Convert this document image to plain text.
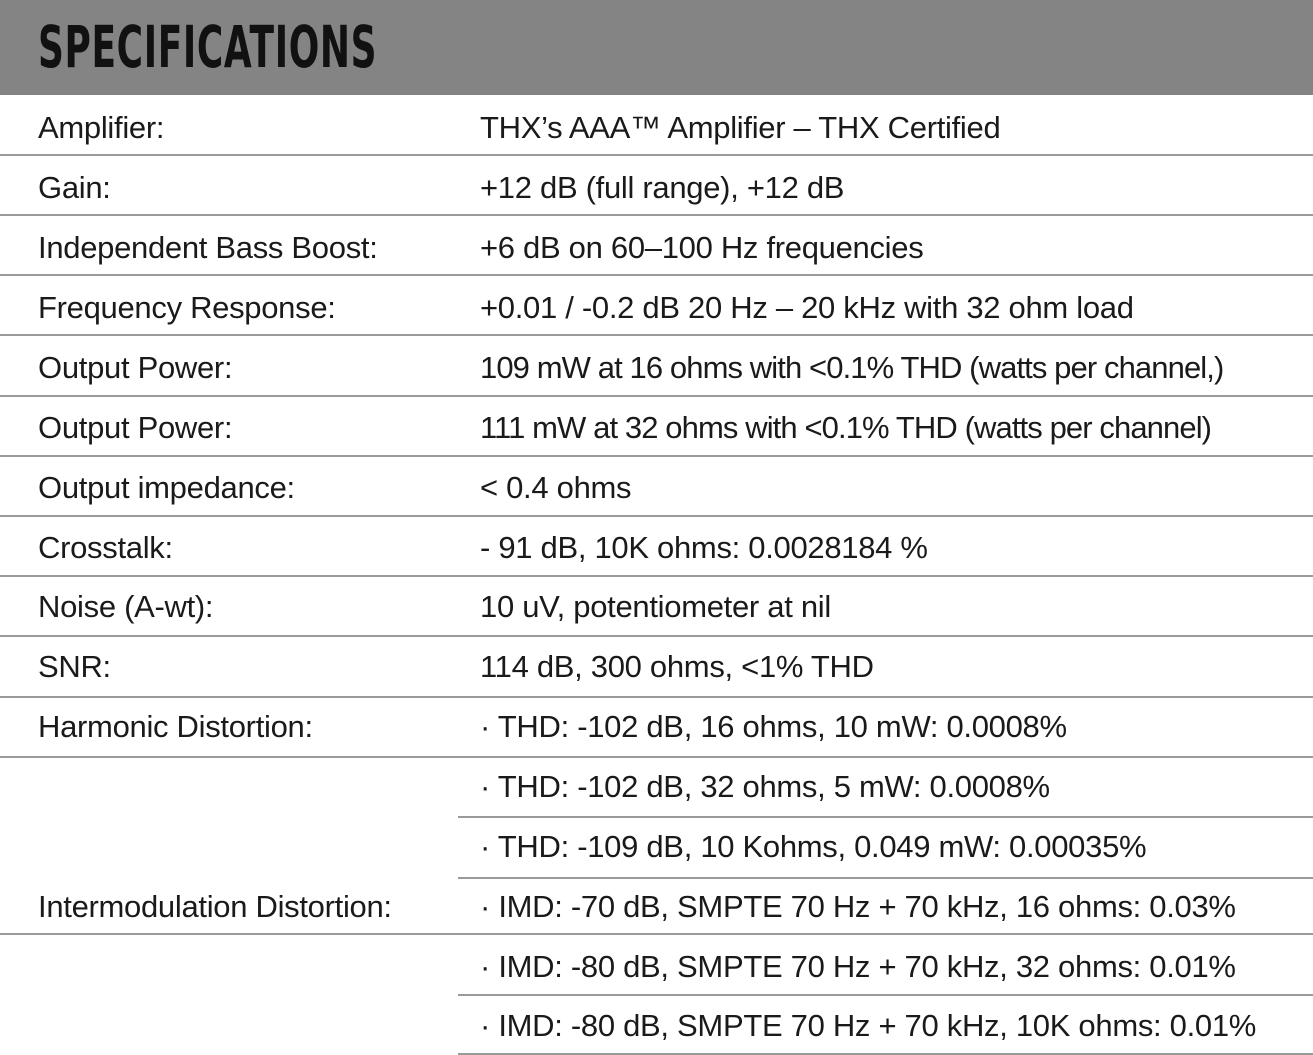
SPECIFICATIONS
Amplifier:	THX’s AAA™ Amplifier – THX Certified
Gain:	+12 dB (full range), +12 dB
Independent Bass Boost:	+6 dB on 60–100 Hz frequencies
Frequency Response:	+0.01 / -0.2 dB 20 Hz – 20 kHz with 32 ohm load
Output Power:	109 mW at 16 ohms with <0.1% THD (watts per channel,)
Output Power:	111 mW at 32 ohms with <0.1% THD (watts per channel)
Output impedance:	< 0.4 ohms
Crosstalk:	- 91 dB, 10K ohms: 0.0028184 %
Noise (A-wt):	10 uV, potentiometer at nil
SNR:	114 dB, 300 ohms, <1% THD
Harmonic Distortion:	· THD: -102 dB, 16 ohms, 10 mW: 0.0008%
· THD: -102 dB, 32 ohms, 5 mW: 0.0008%
· THD: -109 dB, 10 Kohms, 0.049 mW: 0.00035%
Intermodulation Distortion:	· IMD: -70 dB, SMPTE 70 Hz + 70 kHz, 16 ohms: 0.03%
· IMD: -80 dB, SMPTE 70 Hz + 70 kHz, 32 ohms: 0.01%
· IMD: -80 dB, SMPTE 70 Hz + 70 kHz, 10K ohms: 0.01%
